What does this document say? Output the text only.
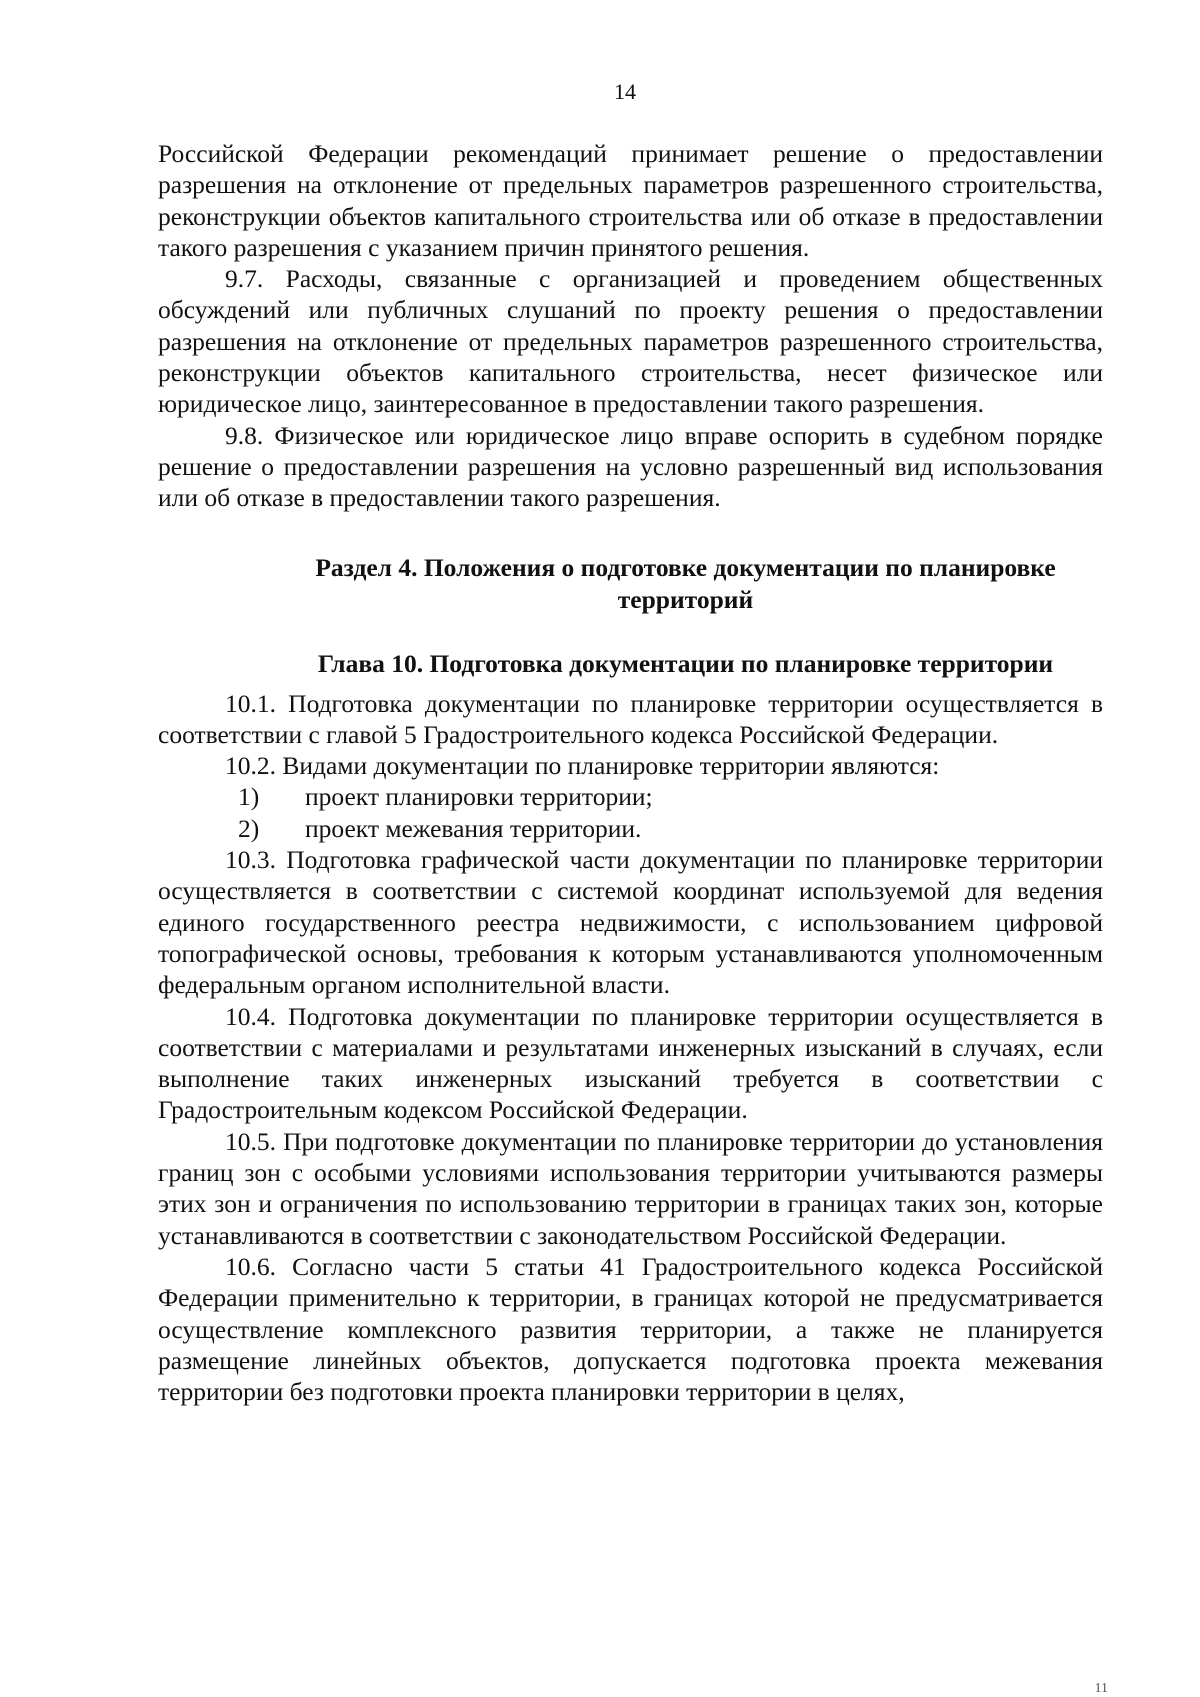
14

Российской Федерации рекомендаций принимает решение о предоставлении разрешения на отклонение от предельных параметров разрешенного строительства, реконструкции объектов капитального строительства или об отказе в предоставлении такого разрешения с указанием причин принятого решения.

9.7. Расходы, связанные с организацией и проведением общественных обсуждений или публичных слушаний по проекту решения о предоставлении разрешения на отклонение от предельных параметров разрешенного строительства, реконструкции объектов капитального строительства, несет физическое или юридическое лицо, заинтересованное в предоставлении такого разрешения.

9.8. Физическое или юридическое лицо вправе оспорить в судебном порядке решение о предоставлении разрешения на условно разрешенный вид использования или об отказе в предоставлении такого разрешения.

Раздел 4. Положения о подготовке документации по планировке
территорий
Глава 10. Подготовка документации по планировке территории

10.1. Подготовка документации по планировке территории осуществляется в соответствии с главой 5 Градостроительного кодекса Российской Федерации.

10.2. Видами документации по планировке территории являются:

1)	проект планировки территории;
2)	проект межевания территории.

10.3. Подготовка графической части документации по планировке территории осуществляется в соответствии с системой координат используемой для ведения единого государственного реестра недвижимости, с использованием цифровой топографической основы, требования к которым устанавливаются уполномоченным федеральным органом исполнительной власти.

10.4. Подготовка документации по планировке территории осуществляется в соответствии с материалами и результатами инженерных изысканий в случаях, если выполнение таких инженерных изысканий требуется в соответствии с Градостроительным кодексом Российской Федерации.

10.5. При подготовке документации по планировке территории до установления границ зон с особыми условиями использования территории учитываются размеры этих зон и ограничения по использованию территории в границах таких зон, которые устанавливаются в соответствии с законодательством Российской Федерации.

10.6. Согласно части 5 статьи 41 Градостроительного кодекса Российской Федерации применительно к территории, в границах которой не предусматривается осуществление комплексного развития территории, а также не планируется размещение линейных объектов, допускается подготовка проекта межевания территории без подготовки проекта планировки территории в целях,

11
